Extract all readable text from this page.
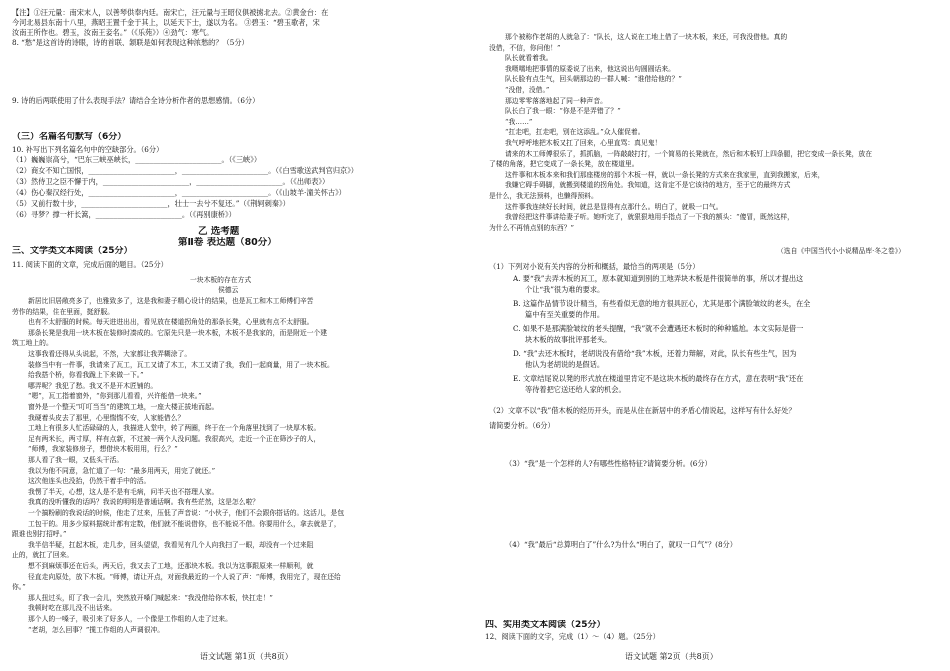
【注】①汪元量：南宋末人，以善琴供奉内廷。南宋亡，汪元量与王昭仪俱被掳北去。②黄金台：在
今河北易县东南十八里，燕昭王置千金于其上，以延天下士，遂以为名。 ③碧玉：“碧玉歌者，宋
汝南王所作也。碧玉，汝南王妾名。”（《乐苑》）④劲气：寒气。
8. “愁”是这首诗的诗眼，诗的首联、颔联是如何表现这种浓愁的？（5分）
9. 诗的后两联使用了什么表现手法？请结合全诗分析作者的思想感情。（6分）
（三）名篇名句默写（6分）
10. 补写出下列名篇名句中的空缺部分。（6分）
（1）巍巍崇高兮，“巴东三峡巫峡长，________________________。（《三峡》）
（2）商女不知亡国恨，________________________，________________________。（《白雪歌送武判官归京》）
（3）然侍卫之臣不懈于内，________________________，________________________。（《出师表》）
（4）伤心秦汉经行处，________________________，________________________。（《山坡羊·潼关怀古》）
（5）又前行数十步，________________________，壮士一去兮不复还。”（《荆轲刺秦》）
（6）寻梦？撑一杆长篙，________________________。（《再别康桥》）
乙 选考题
第Ⅱ卷 表达题（80分）
三、文学类文本阅读（25分）
11. 阅读下面的文章，完成后面的题目。（25分）
一块木板的存在方式
侯德云
新居比旧居敞亮多了，也雅致多了，这是我和妻子精心设计的结果，也是瓦工和木工师傅们辛苦
劳作的结果，住在里面，挺舒服。
也有不太舒服的时候。每天进进出出，看见放在楼道拐角处的那条长凳，心里就有点不太舒服。
那条长凳是我用一块木板在装修时凑成的。它原先只是一块木板，木板不是我家的，而是附近一个建
筑工地上的。
这事我看还得从头说起，不然，大家都让我弄糊涂了。
装修当中有一件事，我请来了瓦工，瓦工又请了木工，木工又请了我，我们一起商量，用了一块木板。
给我搭个桥，你看我跪上下来做一下。”
哪弄呢？我犯了愁。我又不是开木匠铺的。
“嗯”，瓦工指着窗外，“你到那儿看看，兴许能借一块来。”
窗外是一个整天“叮叮当当”的建筑工地，一座大楼正拔地而起。
我硬着头皮去了那里，心里惴惴不安，人家能借么？
工地上有很多人忙活碌碌的人，我描进人堂中，转了两圈，终于在一个角落里找到了一块厚木板。
足有两米长，两寸厚，样有点新，不过被一两个人没问题。我很高兴，走近一个正在筛沙子的人，
“师傅，我家装修房子，想借块木板用用，行么？”
那人看了我一眼，又低头干活。
我以为他不同意，急忙道了一句：“最多用两天，用完了就还。”
这次他连头也没抬，仍然干着手中的活。
我愣了半天，心想，这人是不是有毛病，问半天也不搭理人家。
我真的没听懂我的话吗？我说的明明是普通话啊。我有些茫然，这是怎么啦？
一个搞粉刷的我说话的时候，他走了过来，压低了声音说：“小伙子，他们不会跟你搭话的。这活儿，是包
工包干的。用多少原料据统计都有定数，他们就不能说借你，也不能说不借。你要用什么，拿去就是了，
跟谁也别打招呼。”
我半信半疑，扛起木板，走几步，回头望望，我看见有几个人向我扫了一眼，却没有一个过来阻
止的，就扛了回来。
想不到麻烦事还在后头，两天后，我又去了工地，还那块木板。我以为这事跟原来一样顺利，就
径直走向原处，放下木板。“师傅，请让开点，对面我最近的一个人说了声：“师傅，我用完了，现在还给
你。”
那人扭过头，盯了我一会儿，突然放开嗓门喊起来：“我没借给你木板，快扛走！”
我顿时吃在那儿没不出话来。
那个人的一嗓子，吸引来了好多人，一个像是工作组的人走了过来。
“老胡，怎么回事？”揽工作组的人声调很冲。
语文试题 第1页（共8页）
那个被称作老胡的人就急了：“队长，这人说在工地上借了一块木板，来还，可我没借他。真的
没借，不信，你问他！”
队长就看着我。
我嗫嚅地把事情的原委说了出来，他这说出句圆圆话来。
队长脸有点生气，回头朝那边的一群人喊：“谁借给他的？”
“没借，没借。”
那边零零落落地起了同一种声音。
队长白了我一眼：“你是不是弄错了？”
“我……”
“扛走吧，扛走吧，别在这添乱。”众人催促着。
我气呼呼地把木板又扛了回来，心里直骂：真见鬼！
请来的木工师傅很乐了，抓抓脑，一阵敲敲打打，一个简易的长凳就在，然后和木板钉上四条腿，把它变成一条长凳，放在
了楼的角落，把它变成了一条长凳，放在楼道里。
这件事和木板本来和我们那座楼房的那个木板一样，就以一条长凳的方式来在我家里，直到我搬家，后来，
我嫌它碍手碍脚，就搬到楼道的拐角处。我知道，这肯定不是它该待的地方，至于它的最终方式
是什么，我无法预料，也懒得预料。
这件事我连续好长时间，就总是显得有点那什么。明白了，就吸一口气。
我曾经把这件事讲给妻子听。她听完了，就狠狠地用手指点了一下我的额头：“傻冒，既然这样，
为什么不再悄点别的东西？”
（选自《中国当代小小说精品库·冬之卷》）
（1）下列对小说有关内容的分析和概括，最恰当的两项是（5分）
A. 要“我”去弄木板的瓦工，原本就知道到别的工地弄块木板是件很简单的事，所以才提出这
个让“我”很为难的要求。
B. 这篇作品情节设计精当，有些看似无意的地方很具匠心，尤其是那个满脸皱纹的老头，在全
篇中有至关重要的作用。
C. 如果不是那满脸皱纹的老头提醒，“我”就不会遭遇还木板时的种种尴尬。本文实际是借一
块木板的故事批评那老头。
D. “我”去还木板时，老胡说没有借给“我”木板，还着力辩解，对此，队长有些生气，因为
他认为老胡说的是假话。
E. 文章结尾说以凳的形式放在楼道里肯定不是这块木板的最终存在方式，意在表明“我”还在
等待着把它送还给人家的机会。
（2）文章不以“我”借木板的经历开头，而是从住在新居中的矛盾心情说起，这样写有什么好处？
请简要分析。（6分）
（3）“我”是一个怎样的人?有哪些性格特征?请简要分析。(6分）
（4）“我”最后“总算明白了”什么?为什么“明白了，就叹一口气”？(8分）
四、实用类文本阅读（25分）
12、阅读下面的文字，完成（1）～（4）题。（25分）
语文试题 第2页（共8页）
